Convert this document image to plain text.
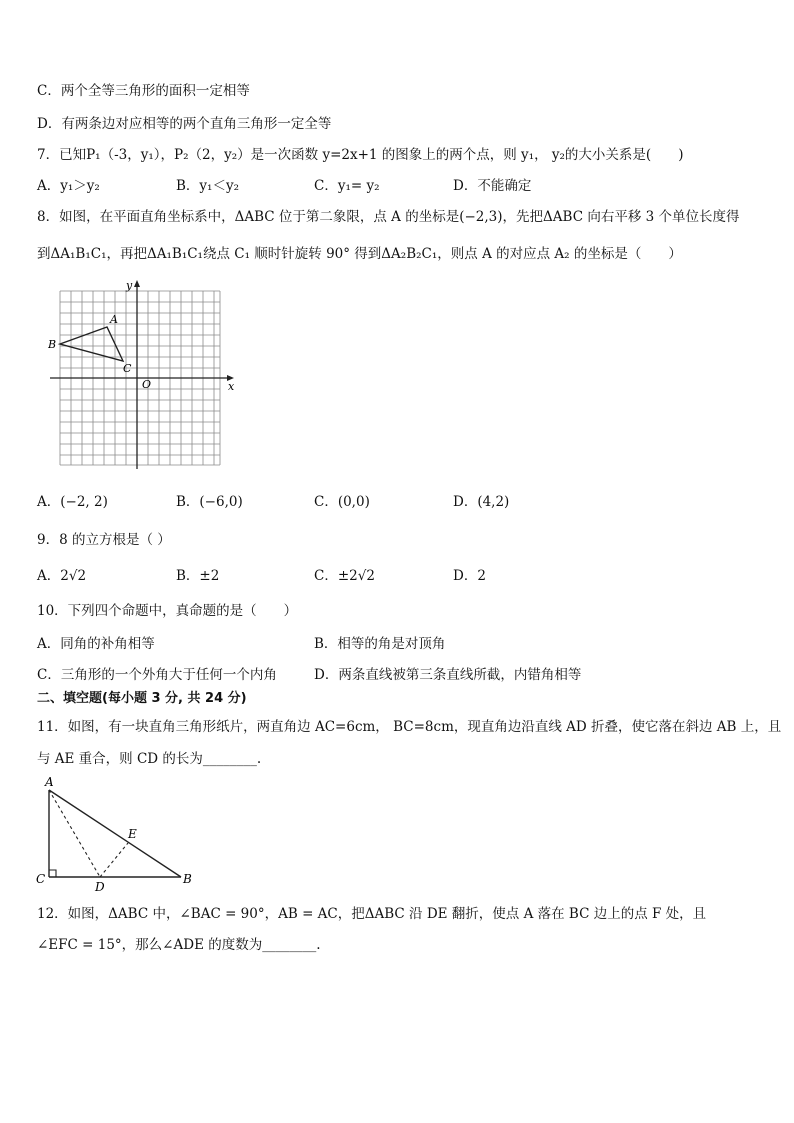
C．两个全等三角形的面积一定相等
D．有两条边对应相等的两个直角三角形一定全等
7．已知P₁（-3，y₁），P₂（2，y₂）是一次函数 y=2x+1 的图象上的两个点，则 y₁， y₂的大小关系是(　　)
A．y₁＞y₂	B．y₁＜y₂	C．y₁= y₂	D．不能确定
8．如图，在平面直角坐标系中，ΔABC 位于第二象限，点 A 的坐标是(−2,3)，先把ΔABC 向右平移 3 个单位长度得
到ΔA₁B₁C₁，再把ΔA₁B₁C₁绕点 C₁ 顺时针旋转 90° 得到ΔA₂B₂C₁，则点 A 的对应点 A₂ 的坐标是（　　）
A
B
C
O	x
y
A．(−2, 2)	B．(−6,0)	C．(0,0)	D．(4,2)
9．8 的立方根是（ ）
A．2√2	B．±2	C．±2√2	D．2
10．下列四个命题中，真命题的是（　　）
A．同角的补角相等	B．相等的角是对顶角
C．三角形的一个外角大于任何一个内角	D．两条直线被第三条直线所截，内错角相等
二、填空题(每小题 3 分, 共 24 分)
11．如图，有一块直角三角形纸片，两直角边 AC=6cm， BC=8cm，现直角边沿直线 AD 折叠，使它落在斜边 AB 上，且
与 AE 重合，则 CD 的长为________.
A
B
C
D
E
12．如图，ΔABC 中，∠BAC = 90°，AB = AC，把ΔABC 沿 DE 翻折，使点 A 落在 BC 边上的点 F 处，且
∠EFC = 15°，那么∠ADE 的度数为________.
